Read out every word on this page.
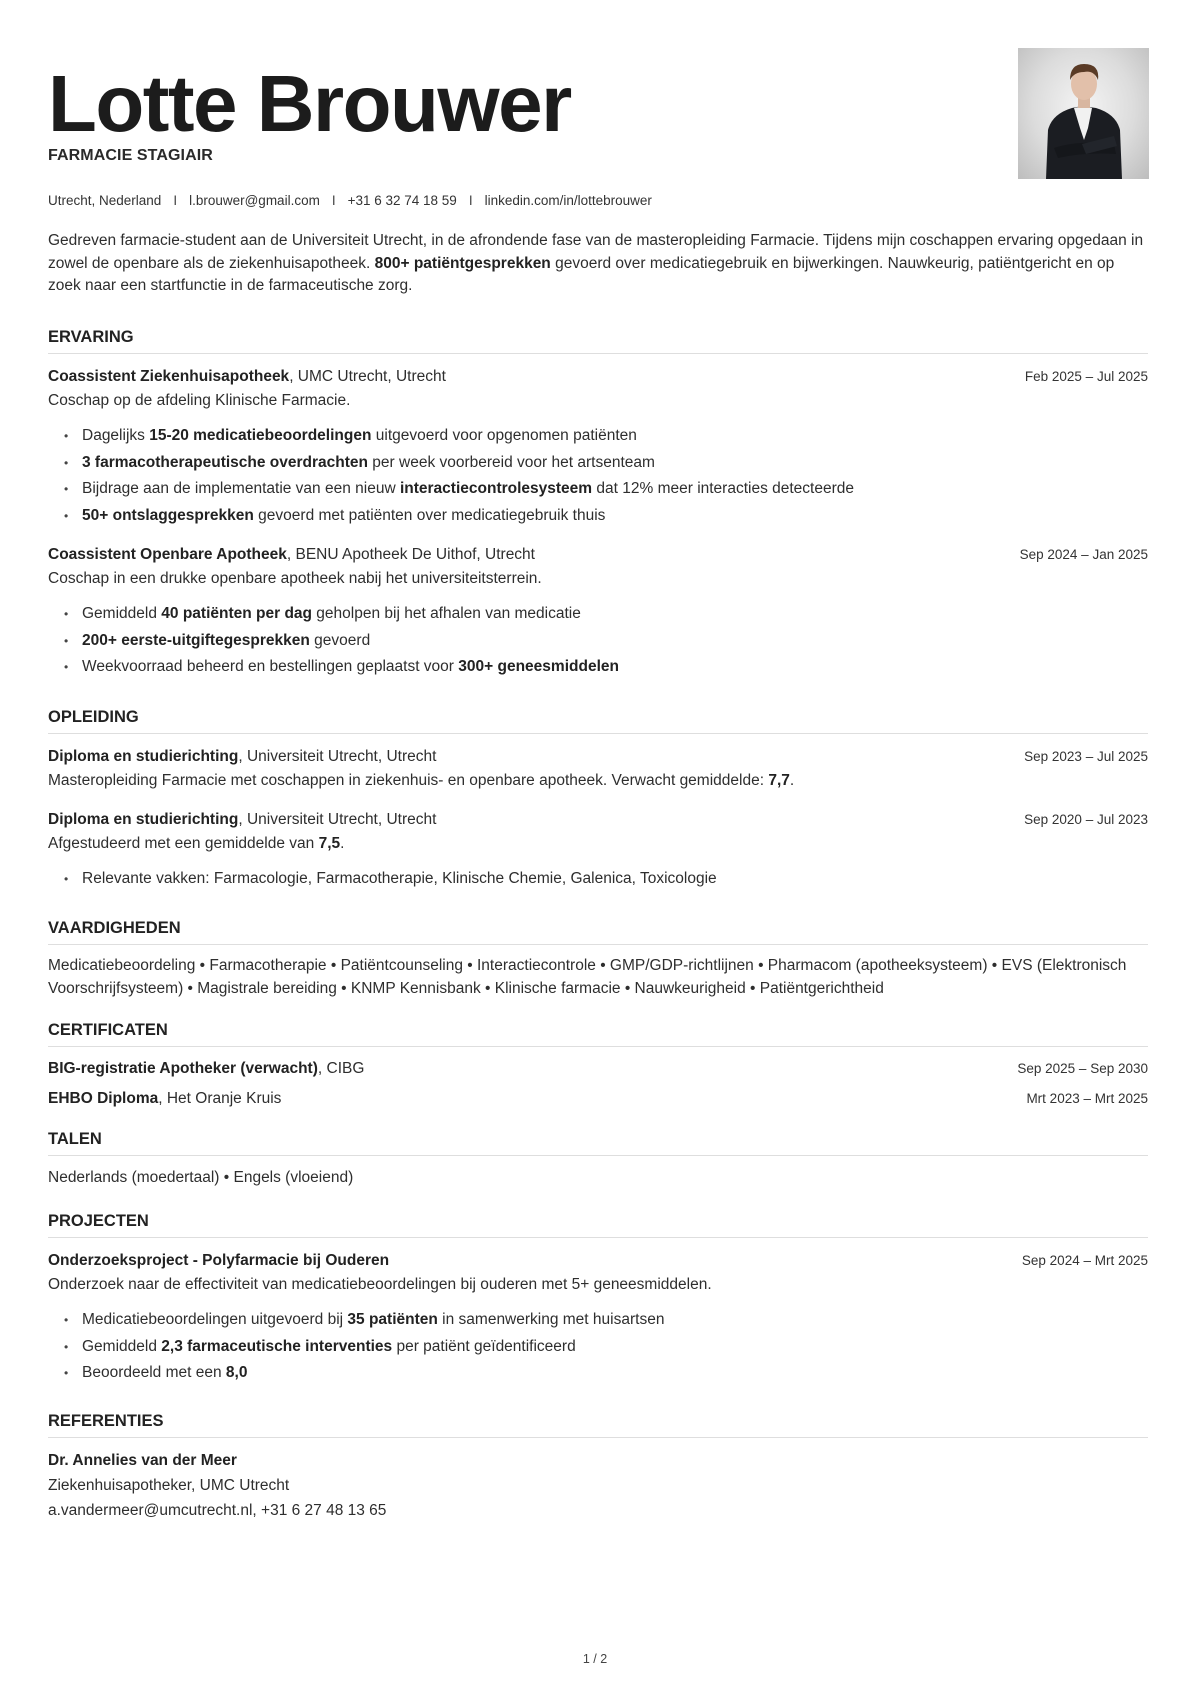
Lotte Brouwer
FARMACIE STAGIAIR
Utrecht, Nederland I l.brouwer@gmail.com I +31 6 32 74 18 59 I linkedin.com/in/lottebrouwer
Gedreven farmacie-student aan de Universiteit Utrecht, in de afrondende fase van de masteropleiding Farmacie. Tijdens mijn coschappen ervaring opgedaan in zowel de openbare als de ziekenhuisapotheek. 800+ patiëntgesprekken gevoerd over medicatiegebruik en bijwerkingen. Nauwkeurig, patiëntgericht en op zoek naar een startfunctie in de farmaceutische zorg.
ERVARING
Coassistent Ziekenhuisapotheek, UMC Utrecht, Utrecht	Feb 2025 – Jul 2025
Coschap op de afdeling Klinische Farmacie.
• Dagelijks 15-20 medicatiebeoordelingen uitgevoerd voor opgenomen patiënten
• 3 farmacotherapeutische overdrachten per week voorbereid voor het artsenteam
• Bijdrage aan de implementatie van een nieuw interactiecontrolesysteem dat 12% meer interacties detecteerde
• 50+ ontslaggesprekken gevoerd met patiënten over medicatiegebruik thuis
Coassistent Openbare Apotheek, BENU Apotheek De Uithof, Utrecht	Sep 2024 – Jan 2025
Coschap in een drukke openbare apotheek nabij het universiteitsterrein.
• Gemiddeld 40 patiënten per dag geholpen bij het afhalen van medicatie
• 200+ eerste-uitgiftegesprekken gevoerd
• Weekvoorraad beheerd en bestellingen geplaatst voor 300+ geneesmiddelen
OPLEIDING
Diploma en studierichting, Universiteit Utrecht, Utrecht	Sep 2023 – Jul 2025
Masteropleiding Farmacie met coschappen in ziekenhuis- en openbare apotheek. Verwacht gemiddelde: 7,7.
Diploma en studierichting, Universiteit Utrecht, Utrecht	Sep 2020 – Jul 2023
Afgestudeerd met een gemiddelde van 7,5.
• Relevante vakken: Farmacologie, Farmacotherapie, Klinische Chemie, Galenica, Toxicologie
VAARDIGHEDEN
Medicatiebeoordeling • Farmacotherapie • Patiëntcounseling • Interactiecontrole • GMP/GDP-richtlijnen • Pharmacom (apotheeksysteem) • EVS (Elektronisch Voorschrijfsysteem) • Magistrale bereiding • KNMP Kennisbank • Klinische farmacie • Nauwkeurigheid • Patiëntgerichtheid
CERTIFICATEN
BIG-registratie Apotheker (verwacht), CIBG	Sep 2025 – Sep 2030
EHBO Diploma, Het Oranje Kruis	Mrt 2023 – Mrt 2025
TALEN
Nederlands (moedertaal) • Engels (vloeiend)
PROJECTEN
Onderzoeksproject - Polyfarmacie bij Ouderen	Sep 2024 – Mrt 2025
Onderzoek naar de effectiviteit van medicatiebeoordelingen bij ouderen met 5+ geneesmiddelen.
• Medicatiebeoordelingen uitgevoerd bij 35 patiënten in samenwerking met huisartsen
• Gemiddeld 2,3 farmaceutische interventies per patiënt geïdentificeerd
• Beoordeeld met een 8,0
REFERENTIES
Dr. Annelies van der Meer
Ziekenhuisapotheker, UMC Utrecht
a.vandermeer@umcutrecht.nl, +31 6 27 48 13 65
1 / 2
